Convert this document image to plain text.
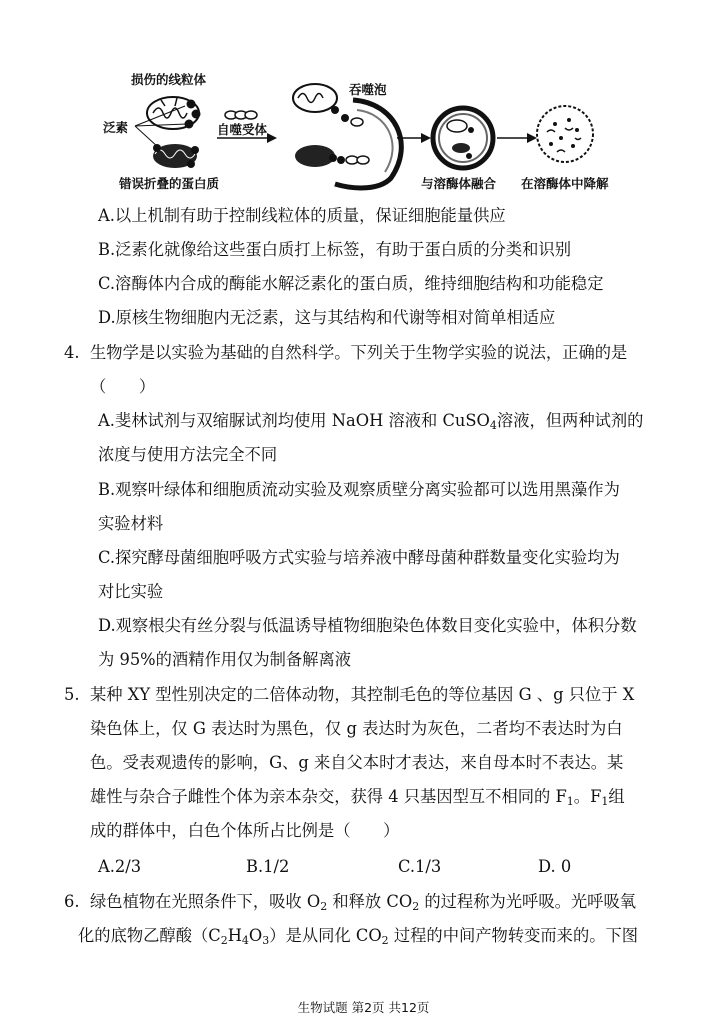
损伤的线粒体
泛素	自噬受体
错误折叠的蛋白质
吞噬泡
与溶酶体融合 在溶酶体中降解
A.以上机制有助于控制线粒体的质量，保证细胞能量供应
B.泛素化就像给这些蛋白质打上标签，有助于蛋白质的分类和识别
C.溶酶体内合成的酶能水解泛素化的蛋白质，维持细胞结构和功能稳定
D.原核生物细胞内无泛素，这与其结构和代谢等相对简单相适应
4. 生物学是以实验为基础的自然科学。下列关于生物学实验的说法，正确的是
（　　）
A.斐林试剂与双缩脲试剂均使用 NaOH 溶液和 CuSO$_4$溶液，但两种试剂的
浓度与使用方法完全不同
B.观察叶绿体和细胞质流动实验及观察质壁分离实验都可以选用黑藻作为
实验材料
C.探究酵母菌细胞呼吸方式实验与培养液中酵母菌种群数量变化实验均为
对比实验
D.观察根尖有丝分裂与低温诱导植物细胞染色体数目变化实验中，体积分数
为 95%的酒精作用仅为制备解离液
5. 某种 XY 型性别决定的二倍体动物，其控制毛色的等位基因 G 、g 只位于 X
染色体上，仅 G 表达时为黑色，仅 g 表达时为灰色，二者均不表达时为白
色。受表观遗传的影响，G、g 来自父本时才表达，来自母本时不表达。某
雄性与杂合子雌性个体为亲本杂交，获得 4 只基因型互不相同的 $F_1$。$F_1$组
成的群体中，白色个体所占比例是（　　）
A.2/3	B.1/2	C.1/3	D. 0
6. 绿色植物在光照条件下，吸收 $O_2$ 和释放 $CO_2$ 的过程称为光呼吸。光呼吸氧
化的底物乙醇酸$(C_2H_4O_3)$是从同化 $CO_2$ 过程的中间产物转变而来的。下图
生物试题 第2页 共12页
